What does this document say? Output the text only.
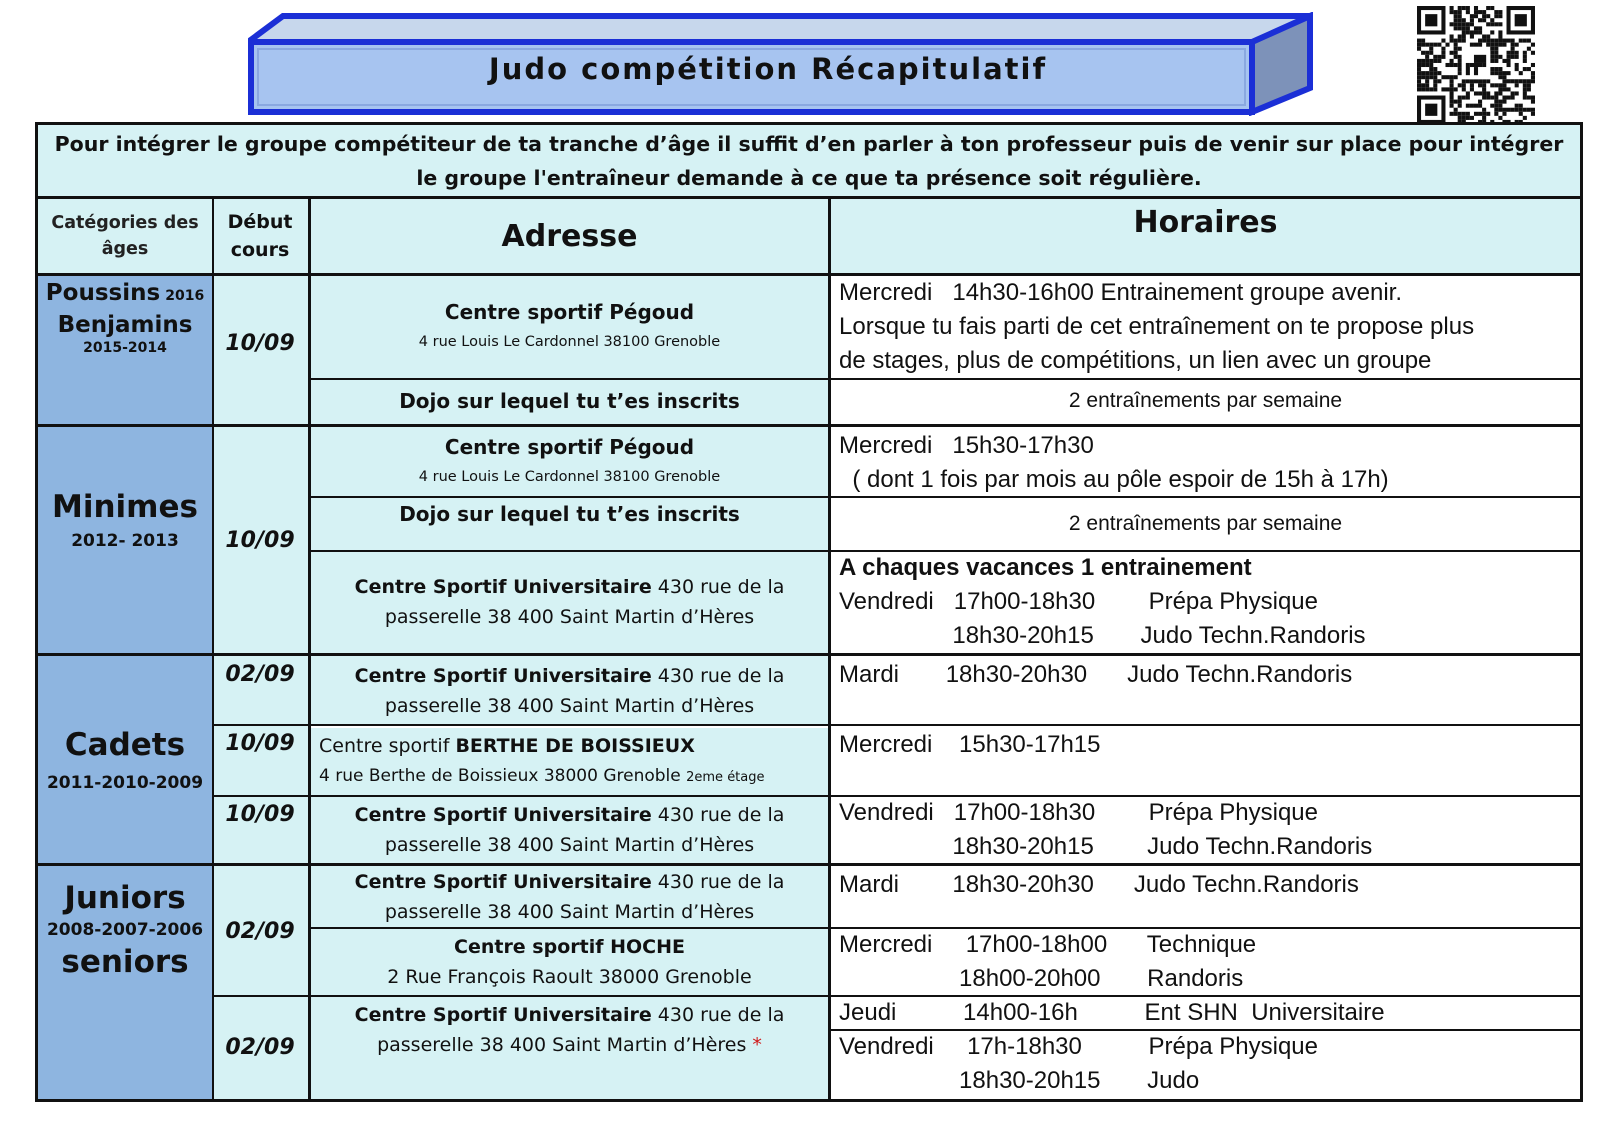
Judo compétition Récapitulatif
Pour intégrer le groupe compétiteur de ta tranche d’âge il suffit d’en parler à ton professeur puis de venir sur place pour intégrer le groupe l'entraîneur demande à ce que ta présence soit régulière.
Catégories des âges
Début cours	Adresse	Horaires
Poussins 2016
Benjamins
2015-2014
Minimes
2012- 2013
Cadets
2011-2010-2009
Juniors
2008-2007-2006
seniors
10/09
10/09
02/09
10/09
10/09
02/09
02/09
Centre sportif Pégoud
4 rue Louis Le Cardonnel 38100 Grenoble
Dojo sur lequel tu t’es inscrits
Centre sportif Pégoud
4 rue Louis Le Cardonnel 38100 Grenoble
Dojo sur lequel tu t’es inscrits
Centre Sportif Universitaire 430 rue de la
passerelle 38 400 Saint Martin d’Hères
Centre Sportif Universitaire 430 rue de la
passerelle 38 400 Saint Martin d’Hères
Centre sportif BERTHE DE BOISSIEUX
4 rue Berthe de Boissieux 38000 Grenoble 2eme étage
Centre Sportif Universitaire 430 rue de la
passerelle 38 400 Saint Martin d’Hères
Centre Sportif Universitaire 430 rue de la
passerelle 38 400 Saint Martin d’Hères
Centre sportif HOCHE
2 Rue François Raoult 38000 Grenoble
Centre Sportif Universitaire 430 rue de la
passerelle 38 400 Saint Martin d’Hères *
Mercredi   14h30-16h00 Entrainement groupe avenir.
Lorsque tu fais parti de cet entraînement on te propose plus
de stages, plus de compétitions, un lien avec un groupe
2 entraînements par semaine
Mercredi   15h30-17h30
( dont 1 fois par mois au pôle espoir de 15h à 17h)
2 entraînements par semaine
A chaques vacances 1 entrainement
Vendredi   17h00-18h30        Prépa Physique
18h30-20h15       Judo Techn.Randoris
Mardi       18h30-20h30      Judo Techn.Randoris
Mercredi    15h30-17h15
Vendredi   17h00-18h30        Prépa Physique
18h30-20h15        Judo Techn.Randoris
Mardi        18h30-20h30      Judo Techn.Randoris
Mercredi     17h00-18h00      Technique
18h00-20h00       Randoris
Jeudi          14h00-16h          Ent SHN  Universitaire
Vendredi     17h-18h30          Prépa Physique
18h30-20h15       Judo
